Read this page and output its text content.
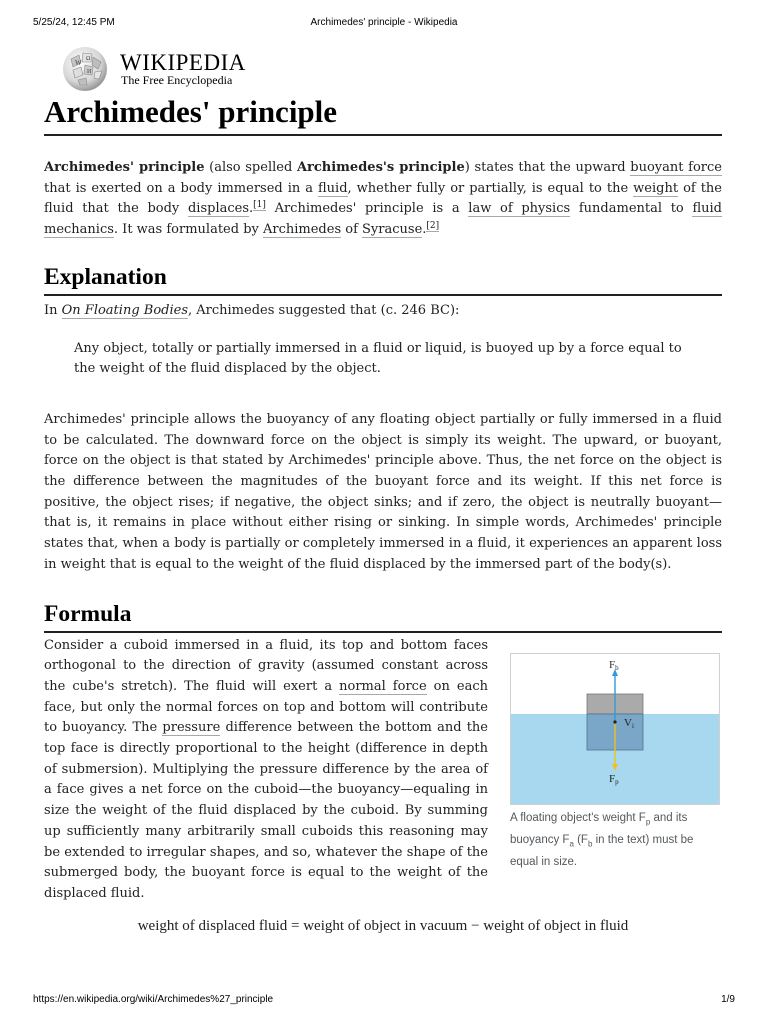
5/25/24, 12:45 PM	Archimedes' principle - Wikipedia
W Ω
И WIKIPEDIA
The Free Encyclopedia
Archimedes' principle

Archimedes' principle (also spelled Archimedes's principle) states that the upward buoyant force that is exerted on a body immersed in a fluid, whether fully or partially, is equal to the weight of the fluid that the body displaces.[1] Archimedes' principle is a law of physics fundamental to fluid mechanics. It was formulated by Archimedes of Syracuse.[2]

Explanation

In On Floating Bodies, Archimedes suggested that (c. 246 BC):

Any object, totally or partially immersed in a fluid or liquid, is buoyed up by a force equal to the weight of the fluid displaced by the object.

Archimedes' principle allows the buoyancy of any floating object partially or fully immersed in a fluid to be calculated. The downward force on the object is simply its weight. The upward, or buoyant, force on the object is that stated by Archimedes' principle above. Thus, the net force on the object is the difference between the magnitudes of the buoyant force and its weight. If this net force is positive, the object rises; if negative, the object sinks; and if zero, the object is neutrally buoyant—that is, it remains in place without either rising or sinking. In simple words, Archimedes' principle states that, when a body is partially or completely immersed in a fluid, it experiences an apparent loss in weight that is equal to the weight of the fluid displaced by the immersed part of the body(s).

Formula

Consider a cuboid immersed in a fluid, its top and bottom faces orthogonal to the direction of gravity (assumed constant across the cube's stretch). The fluid will exert a normal force on each face, but only the normal forces on top and bottom will contribute to buoyancy. The pressure difference between the bottom and the top face is directly proportional to the height (difference in depth of submersion). Multiplying the pressure difference by the area of a face gives a net force on the cuboid—the buoyancy—equaling in size the weight of the fluid displaced by the cuboid. By summing up sufficiently many arbitrarily small cuboids this reasoning may be extended to irregular shapes, and so, whatever the shape of the submerged body, the buoyant force is equal to the weight of the displaced fluid.

Fb
Vi
Fp
A floating object's weight $F_p$ and its buoyancy $F_a$ ($F_b$ in the text) must be equal in size.
weight of displaced fluid = weight of object in vacuum − weight of object in fluid
https://en.wikipedia.org/wiki/Archimedes%27_principle	1/9
